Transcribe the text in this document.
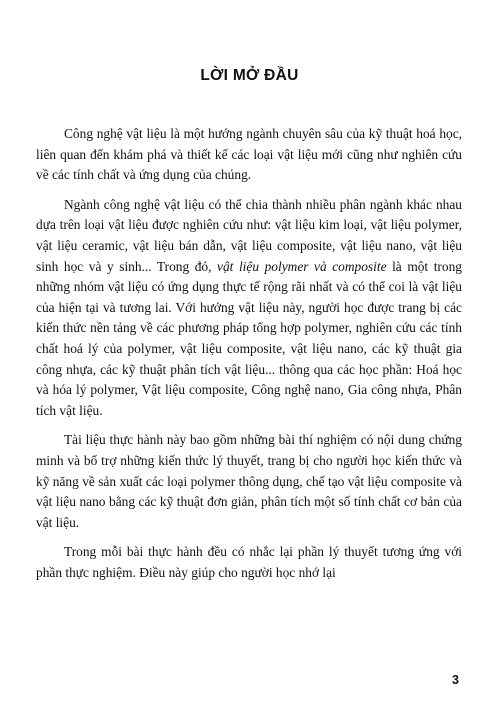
LỜI MỞ ĐẦU

Công nghệ vật liệu là một hướng ngành chuyên sâu của kỹ thuật hoá học, liên quan đến khám phá và thiết kế các loại vật liệu mới cũng như nghiên cứu về các tính chất và ứng dụng của chúng.

Ngành công nghệ vật liệu có thể chia thành nhiều phân ngành khác nhau dựa trên loại vật liệu được nghiên cứu như: vật liệu kim loại, vật liệu polymer, vật liệu ceramic, vật liệu bán dẫn, vật liệu composite, vật liệu nano, vật liệu sinh học và y sinh... Trong đó, vật liệu polymer và composite là một trong những nhóm vật liệu có ứng dụng thực tế rộng rãi nhất và có thể coi là vật liệu của hiện tại và tương lai. Với hướng vật liệu này, người học được trang bị các kiến thức nền tảng về các phương pháp tổng hợp polymer, nghiên cứu các tính chất hoá lý của polymer, vật liệu composite, vật liệu nano, các kỹ thuật gia công nhựa, các kỹ thuật phân tích vật liệu... thông qua các học phần: Hoá học và hóa lý polymer, Vật liệu composite, Công nghệ nano, Gia công nhựa, Phân tích vật liệu.

Tài liệu thực hành này bao gồm những bài thí nghiệm có nội dung chứng minh và bổ trợ những kiến thức lý thuyết, trang bị cho người học kiến thức và kỹ năng về sản xuất các loại polymer thông dụng, chế tạo vật liệu composite và vật liệu nano bằng các kỹ thuật đơn giản, phân tích một số tính chất cơ bản của vật liệu.

Trong mỗi bài thực hành đều có nhắc lại phần lý thuyết tương ứng với phần thực nghiệm. Điều này giúp cho người học nhớ lại

3
